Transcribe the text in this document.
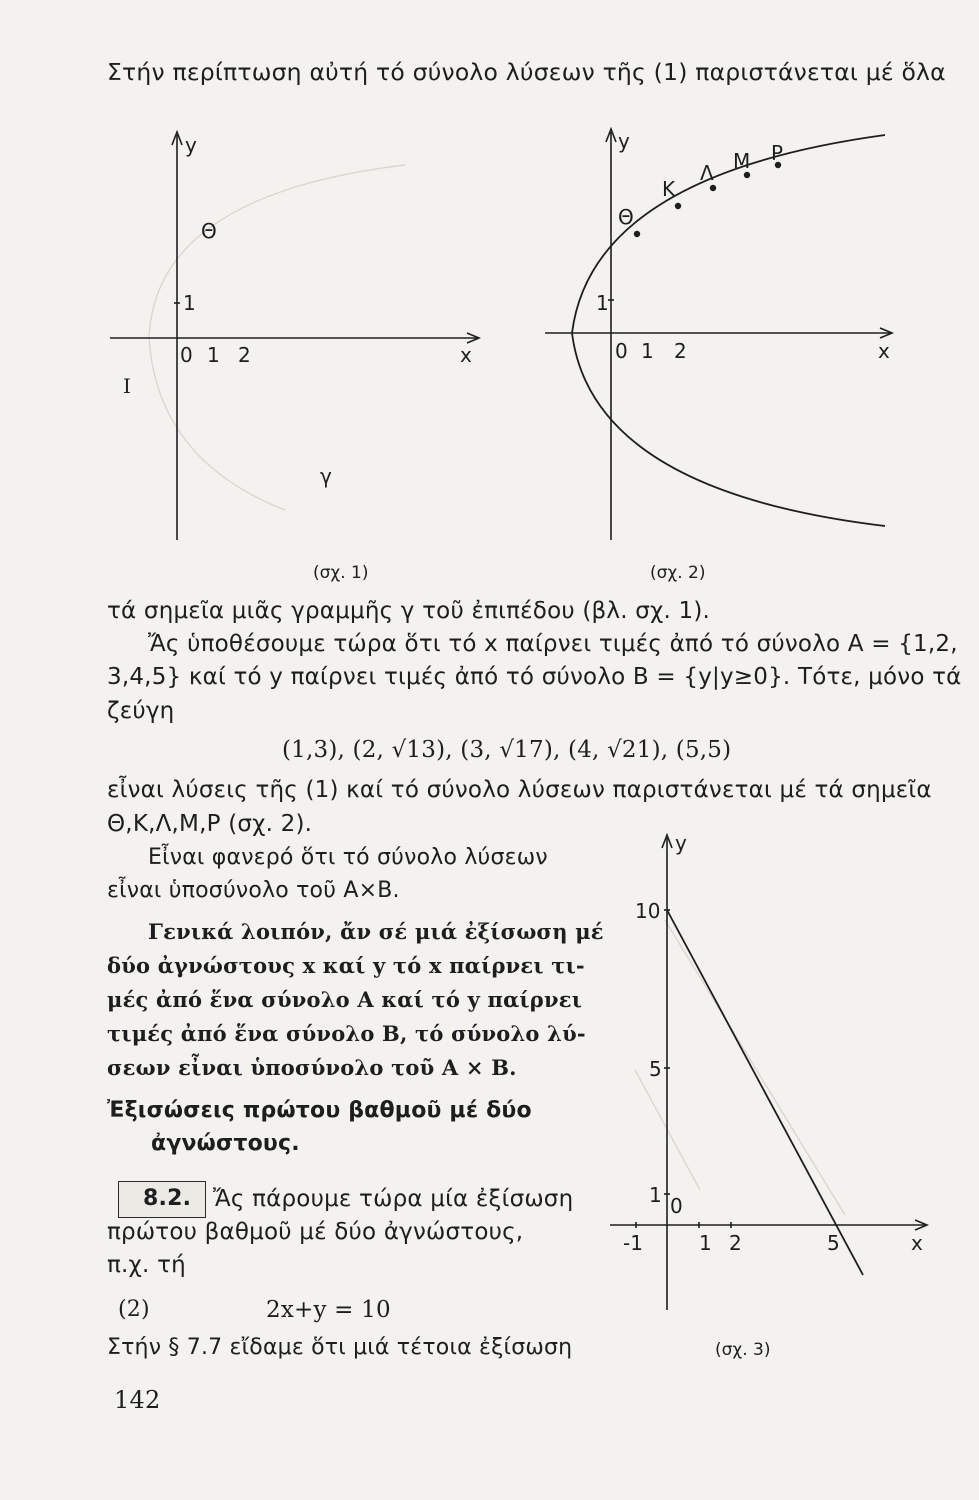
Στήν περίπτωση αὐτή τό σύνολο λύσεων τῆς (1) παριστάνεται μέ ὅλα
y
x
0 1 2
1
Θ
γ
I
(σχ. 1)
y
x
0 1 2
1
Θ
Κ
Λ Μ Ρ
(σχ. 2)
τά σημεῖα μιᾶς γραμμῆς γ τοῦ ἐπιπέδου (βλ. σχ. 1).
Ἄς ὑποθέσουμε τώρα ὅτι τό x παίρνει τιμές ἀπό τό σύνολο A = {1,2,
3,4,5} καί τό y παίρνει τιμές ἀπό τό σύνολο B = {y|y≥0}. Τότε, μόνο τά
ζεύγη
(1,3), (2, √13), (3, √17), (4, √21), (5,5)
εἶναι λύσεις τῆς (1) καί τό σύνολο λύσεων παριστάνεται μέ τά σημεῖα
Θ,Κ,Λ,Μ,Ρ (σχ. 2).
Εἶναι φανερό ὅτι τό σύνολο λύσεων
εἶναι ὑποσύνολο τοῦ A×B.
Γενικά λοιπόν, ἄν σέ μιά ἐξίσωση μέ
δύο ἀγνώστους x καί y τό x παίρνει τι-
μές ἀπό ἕνα σύνολο A καί τό y παίρνει
τιμές ἀπό ἕνα σύνολο B, τό σύνολο λύ-
σεων εἶναι ὑποσύνολο τοῦ A × B.
Ἐξισώσεις πρώτου βαθμοῦ μέ δύο
ἀγνώστους.
8.2. Ἄς πάρουμε τώρα μία ἐξίσωση
πρώτου βαθμοῦ μέ δύο ἀγνώστους,
π.χ. τή
(2)	2x+y = 10
Στήν § 7.7 εἴδαμε ὅτι μιά τέτοια ἐξίσωση
142
y
x
0
-1	1 2	5
10
5
1
(σχ. 3)
